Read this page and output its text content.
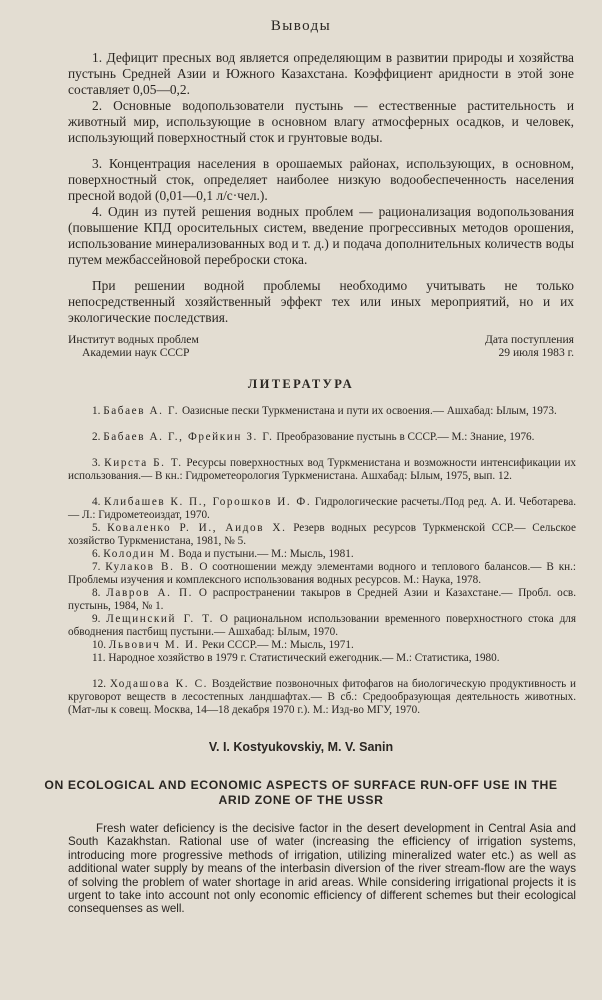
Выводы

1. Дефицит пресных вод является определяющим в развитии природы и хозяйства пустынь Средней Азии и Южного Казахстана. Коэффициент аридности в этой зоне составляет 0,05—0,2.

2. Основные водопользователи пустынь — естественные растительность и животный мир, использующие в основном влагу атмосферных осадков, и человек, использующий поверхностный сток и грунтовые воды.

3. Концентрация населения в орошаемых районах, использующих, в основном, поверхностный сток, определяет наиболее низкую водообеспеченность населения пресной водой (0,01—0,1 л/с·чел.).

4. Один из путей решения водных проблем — рационализация водопользования (повышение КПД оросительных систем, введение прогрессивных методов орошения, использование минерализованных вод и т. д.) и подача дополнительных количеств воды путем межбассейновой переброски стока.

При решении водной проблемы необходимо учитывать не только непосредственный хозяйственный эффект тех или иных мероприятий, но и их экологические последствия.

Институт водных проблем
Академии наук СССР
Дата поступления
29 июля 1983 г.
ЛИТЕРАТУРА

1. Бабаев А. Г. Оазисные пески Туркменистана и пути их освоения.— Ашхабад: Ылым, 1973.

2. Бабаев А. Г., Фрейкин З. Г. Преобразование пустынь в СССР.— М.: Знание, 1976.

3. Кирста Б. Т. Ресурсы поверхностных вод Туркменистана и возможности интенсификации их использования.— В кн.: Гидрометеорология Туркменистана. Ашхабад: Ылым, 1975, вып. 12.

4. Клибашев К. П., Горошков И. Ф. Гидрологические расчеты./Под ред. А. И. Чеботарева.— Л.: Гидрометеоиздат, 1970.

5. Коваленко Р. И., Аидов Х. Резерв водных ресурсов Туркменской ССР.— Сельское хозяйство Туркменистана, 1981, № 5.

6. Колодин М. Вода и пустыни.— М.: Мысль, 1981.

7. Кулаков В. В. О соотношении между элементами водного и теплового балансов.— В кн.: Проблемы изучения и комплексного использования водных ресурсов. М.: Наука, 1978.

8. Лавров А. П. О распространении такыров в Средней Азии и Казахстане.— Пробл. осв. пустынь, 1984, № 1.

9. Лещинский Г. Т. О рациональном использовании временного поверхностного стока для обводнения пастбищ пустыни.— Ашхабад: Ылым, 1970.

10. Львович М. И. Реки СССР.— М.: Мысль, 1971.

11. Народное хозяйство в 1979 г. Статистический ежегодник.— М.: Статистика, 1980.

12. Ходашова К. С. Воздействие позвоночных фитофагов на биологическую продуктивность и круговорот веществ в лесостепных ландшафтах.— В сб.: Средообразующая деятельность животных. (Мат-лы к совещ. Москва, 14—18 декабря 1970 г.). М.: Изд-во МГУ, 1970.

V. I. Kostyukovskiy, M. V. Sanin
ON ECOLOGICAL AND ECONOMIC ASPECTS OF SURFACE RUN-OFF USE IN THE ARID ZONE OF THE USSR

Fresh water deficiency is the decisive factor in the desert development in Central Asia and South Kazakhstan. Rational use of water (increasing the efficiency of irrigation systems, introducing more progressive methods of irrigation, utilizing mineralized water etc.) as well as additional water supply by means of the interbasin diversion of the river stream-flow are the ways of solving the problem of water shortage in arid areas. While considering irrigational projects it is urgent to take into account not only economic efficiency of different schemes but their ecological consequenses as well.
